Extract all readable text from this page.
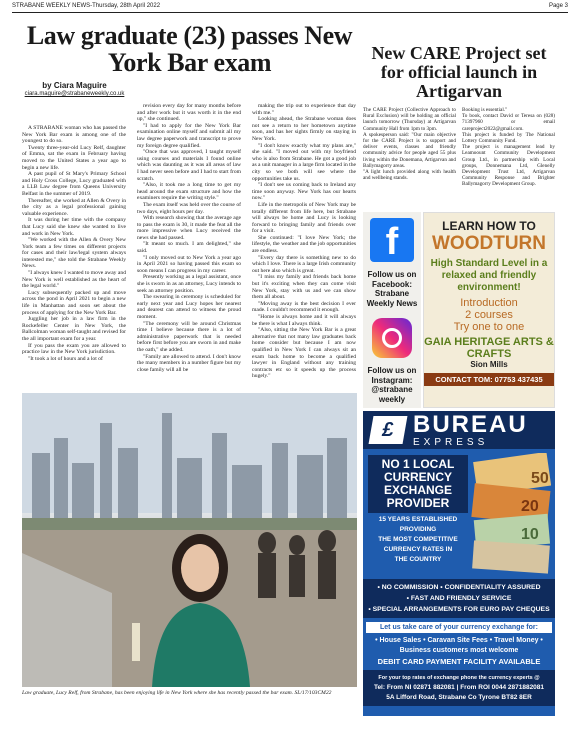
STRABANE WEEKLY NEWS-Thursday, 28th April 2022	Page 3
Law graduate (23) passes New York Bar exam
by Ciara Maguire
ciara.maguire@strabaneweekly.co.uk

A STRABANE woman who has passed the New York Bar exam is among one of the youngest to do so.

Twenty three-year-old Lucy Relf, daughter of Emma, sat the exam in February having moved to the United States a year ago to begin a new life.

A past pupil of St Mary's Primary School and Holy Cross College, Lucy graduated with a LLB Law degree from Queens University Belfast in the summer of 2019.

Thereafter, she worked at Allen & Overy in the city as a legal professional gaining valuable experience.

It was during her time with the company that Lucy said she knew she wanted to live and work in New York.

"We worked with the Allen & Overy New York team a few times on different projects for cases and their law/legal system always interested me," she told the Strabane Weekly News.

"I always knew I wanted to move away and New York is well established as the heart of the legal world."

Lucy subsequently packed up and move across the pond in April 2021 to begin a new life in Manhattan and soon set about the process of applying for the New York Bar.

Juggling her job in a law firm in the Rockefeller Center in New York, the Ballcolman woman self-taught and revised for the all important exam for a year.

If you pass the exam you are allowed to practice law in the New York jurisdiction.

"It took a lot of hours and a lot of

revision every day for many months before and after work but it was worth it in the end up," she continued.

"I had to apply for the New York Bar examination online myself and submit all my law degree paperwork and transcript to prove my foreign degree qualified.

"Once that was approved, I taught myself using courses and materials I found online which was daunting as it was all areas of law I had never seen before and I had to start from scratch.

"Also, it took me a long time to get my head around the exam structure and how the examiners require the writing style."

The exam itself was held over the course of two days, eight hours per day.

With research showing that the average age to pass the exam is 30, it made the feat all the more impressive when Lucy received the news she had passed.

"It meant so much. I am delighted," she said.

"I only moved out to New York a year ago in April 2021 so having passed this exam so soon means I can progress in my career.

Presently working as a legal assistant, once she is sworn in as an attorney, Lucy intends to seek an attorney position.

The swearing in ceremony is scheduled for early next year and Lucy hopes her nearest and dearest can attend to witness the proud moment.

"The ceremony will be around Christmas time I believe because there is a lot of administrative paperwork that is needed before first before you are sworn in and make the oath," she added.

"Family are allowed to attend. I don't know the many members in a number figure but my close family will all be

making the trip out to experience that day with me."

Looking ahead, the Strabane woman does not see a return to her hometown anytime soon, and has her sights firmly on staying in New York.

"I don't know exactly what my plans are," she said. "I moved out with my boyfriend who is also from Strabane. He got a good job as a unit manager in a large firm located in the city so we both will see where the opportunities take us.

"I don't see us coming back to Ireland any time soon anyway. New York has our hearts now."

Life in the metropolis of New York may be totally different from life here, but Strabane will always be home and Lucy is looking forward to bringing family and friends over for a visit.

She continued: "I love New York; the lifestyle, the weather and the job opportunities are endless.

"Every day there is something new to do which I love. There is a large Irish community out here also which is great.

"I miss my family and friends back home but it's exciting when they can come visit New York, stay with us and we can show them all about.

"Moving away is the best decision I ever made. I couldn't recommend it enough.

"Home is always home and it will always be there is what I always think.

"Also, sitting the New York Bar is a great alternative that not many law graduates back home consider but because I am now qualified in New York I can always sit an exam back home to become a qualified lawyer in England without any training contracts etc so it speeds up the process hugely."

Law graduate, Lucy Relf, from Strabane, has been enjoying life in New York where she has recently passed the bar exam. SL/17/103CM22
New CARE Project set for official launch in Artigarvan

The CARE Project (Collective Approach to Rural Exclusion) will be holding an official launch tomorrow (Thursday) at Artigarvan Community Hall from 1pm to 3pm.

A spokesperson said: "Our main objective for the CARE Project is to support and deliver events, classes and friendly community advice for people aged 55 plus living within the Donemana, Artigarvan and Ballymagorry areas.

"A light lunch provided along with health and wellbeing stands.

Booking is essential."

To book, contact David or Teresa on (028) 71397960 or email careproject2022@gmail.com.

This project is funded by The National Lottery Community Fund.

The project is management lead by Leamoount Community Development Group Ltd., in partnership with Local groups, Donnemana Ltd, Glenelly Development Trust Ltd, Artigarvan Community Response and Brighter Ballymagorry Development Group.

f
Follow us on Facebook: Strabane Weekly News
Follow us on Instagram: @strabane weekly
LEARN HOW TO
WOODTURN
High Standard Level in a relaxed and friendly environment!
Introduction
2 courses
Try one to one
GAIA HERITAGE ARTS & CRAFTS
Sion Mills
CONTACT TOM: 07753 437435
£ BUREAU
EXPRESS
NO 1 LOCAL CURRENCY EXCHANGE PROVIDER
15 YEARS ESTABLISHED
PROVIDING
THE MOST COMPETITIVE
CURRENCY RATES IN
THE COUNTRY
50
20
10
• NO COMMISSION • CONFIDENTIALITY ASSURED
• FAST AND FRIENDLY SERVICE
• SPECIAL ARRANGEMENTS FOR EURO PAY CHEQUES
Let us take care of your currency exchange for:
• House Sales • Caravan Site Fees • Travel Money •
Business customers most welcome
DEBIT CARD PAYMENT FACILITY AVAILABLE
For your top rates of exchange phone the currency experts @
Tel: From NI 02871 882081 | From ROI 0044 2871882081
5A Lifford Road, Strabane Co Tyrone BT82 8ER
